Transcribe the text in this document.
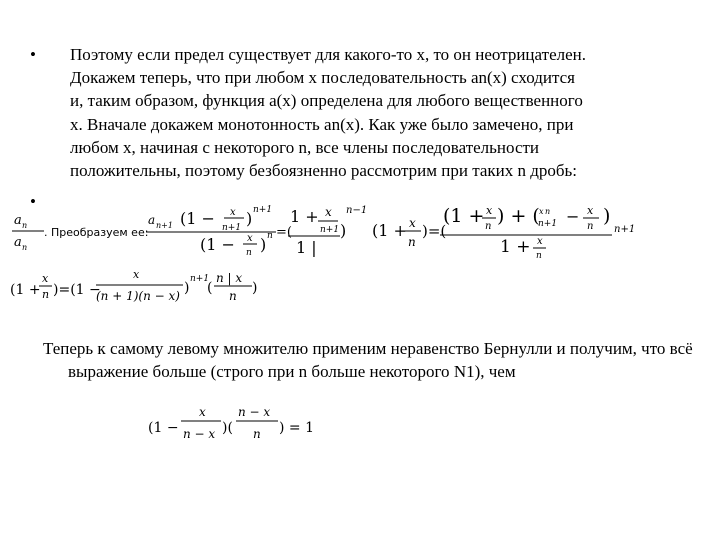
• Поэтому если предел существует для какого-то x, то он неотрицателен.
Докажем теперь, что при любом x последовательность an(x) сходится
и, таким образом, функция a(x) определена для любого вещественного
x. Вначале докажем монотонность an(x). Как уже было замечено, при
любом x, начиная с некоторого n, все члены последовательности
положительны, поэтому безбоязненно рассмотрим при таких n дробь:
•
a n
a n
. Преобразуем ее:
a n+1 (1 − x
n+1 ) n+1
(1 − x
n ) n =(
1 + x
n+1
1 |
)
n−1
(1 + x
n
)=(
(1 + x
n ) + ( x n
n+1 − x
n )
1 + x
n
n+1
(1 +
x
n )=(1 −
x
(n + 1)(n − x) )
n+1
(
n | x
n )
Теперь к самому левому множителю применим неравенство Бернулли и получим, что всё выражение больше (строго при n больше некоторого N1), чем
(1 −
x
n − x )(
n − x
n ) = 1
